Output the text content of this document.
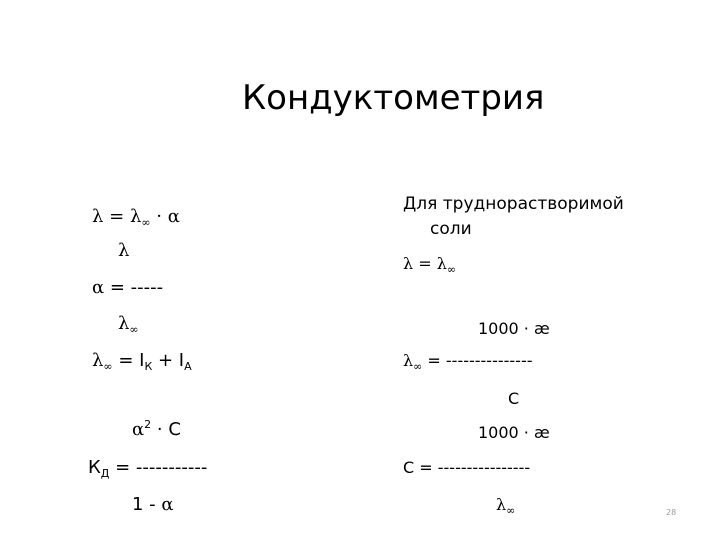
Кондуктометрия
$\lambda = \lambda_\infty \cdot \alpha$
λ
α = -----
$\lambda_\infty$
$\lambda_\infty = I_К + I_А$
$\alpha^2 \cdot C$
$К_Д$ = -----------
1 - α
Для труднорастворимой
соли
$\lambda = \lambda_\infty$
1000 · æ
$\lambda_\infty$ = ---------------
C
1000 · æ
C = ----------------
$\lambda_\infty$	28
